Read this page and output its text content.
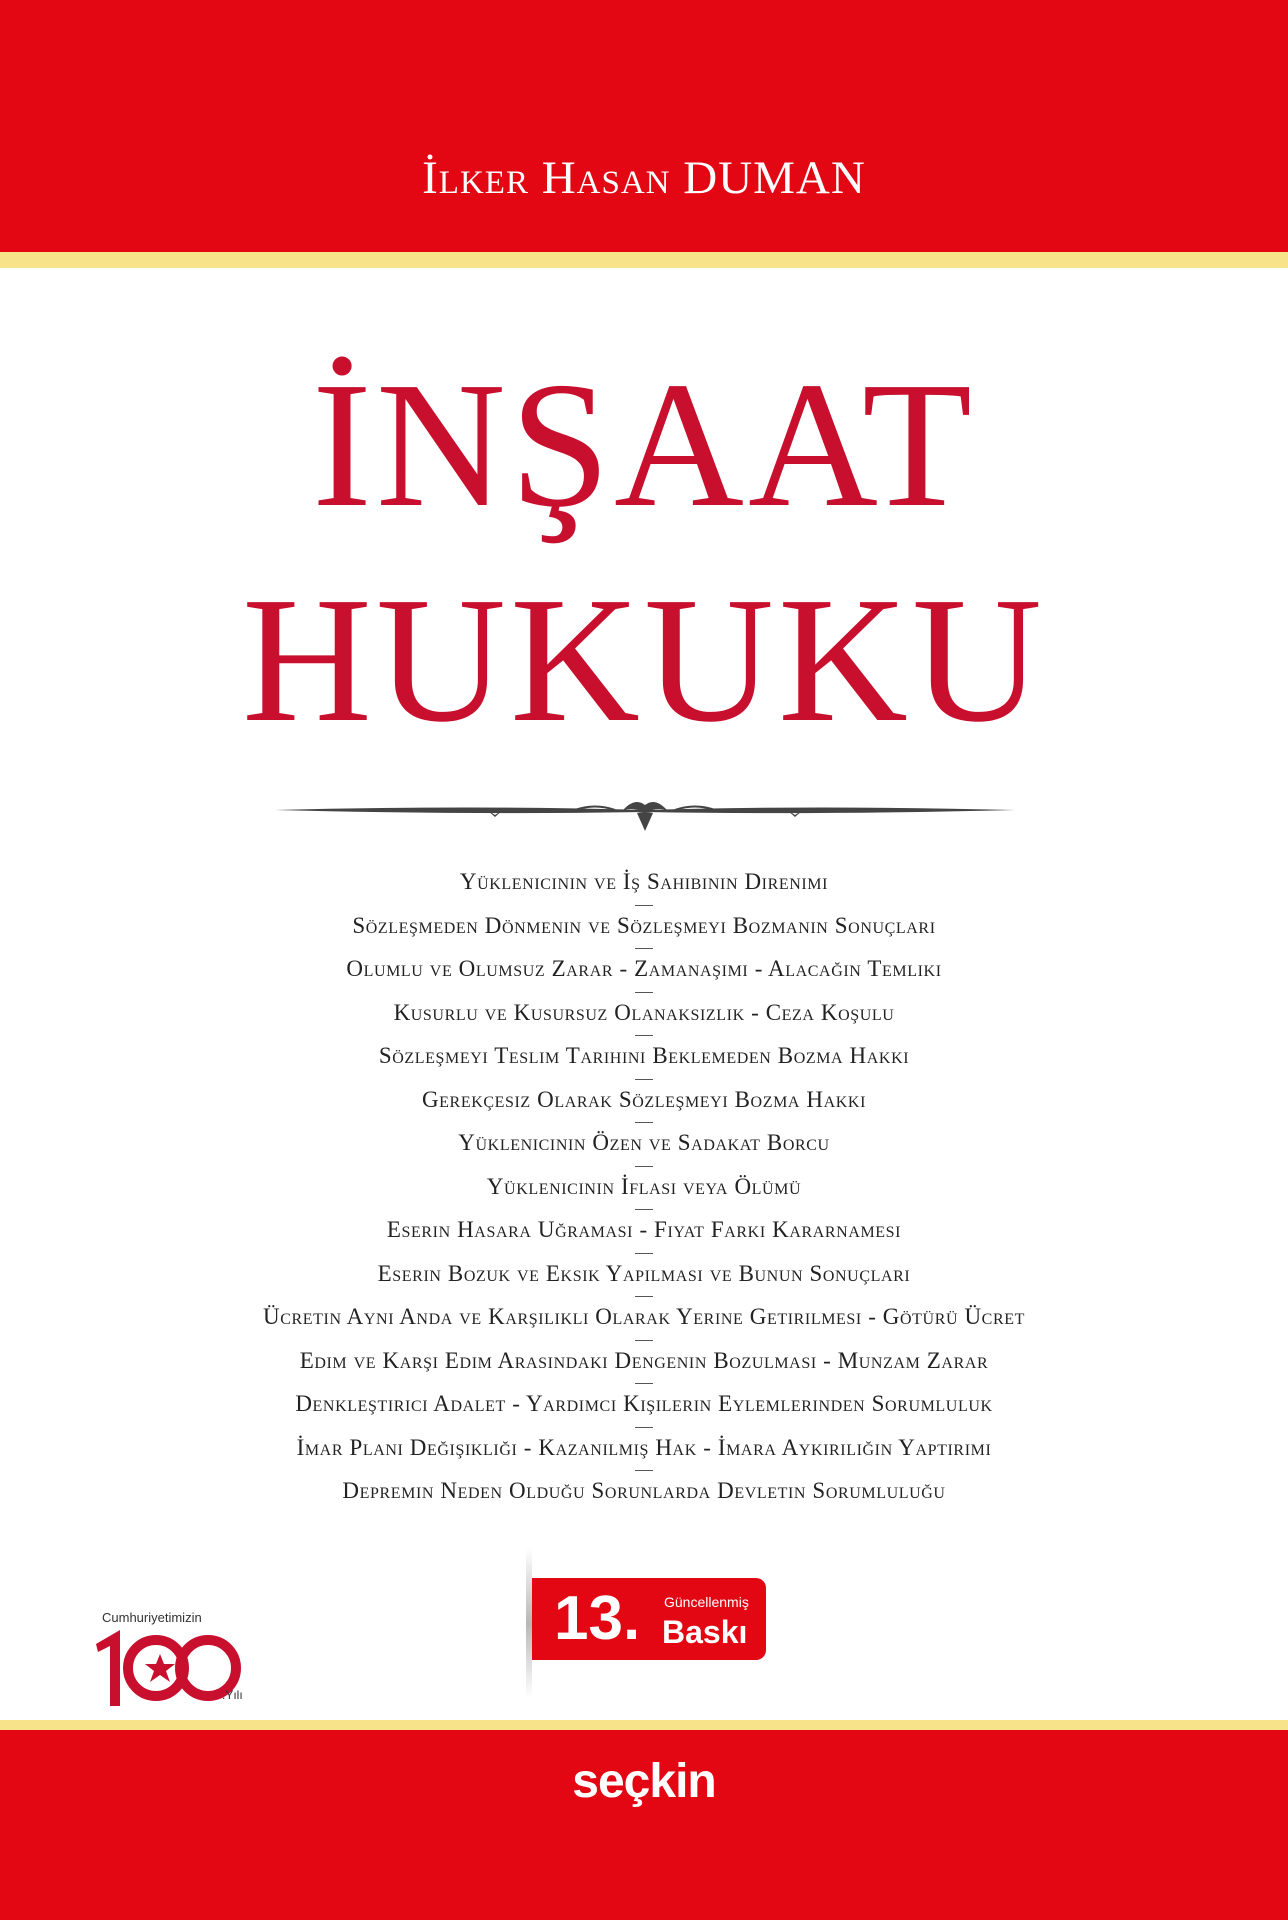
İlker Hasan DUMAN
İNŞAAT
HUKUKU
Yüklenicinin ve İş Sahibinin Direnimi
Sözleşmeden Dönmenin ve Sözleşmeyi Bozmanın Sonuçları
Olumlu ve Olumsuz Zarar - Zamanaşımı - Alacağın Temliki
Kusurlu ve Kusursuz Olanaksızlık - Ceza Koşulu
Sözleşmeyi Teslim Tarihini Beklemeden Bozma Hakkı
Gerekçesiz Olarak Sözleşmeyi Bozma Hakkı
Yüklenicinin Özen ve Sadakat Borcu
Yüklenicinin İflası veya Ölümü
Eserin Hasara Uğraması - Fiyat Farkı Kararnamesi
Eserin Bozuk ve Eksik Yapılması ve Bunun Sonuçları
Ücretin Aynı Anda ve Karşılıklı Olarak Yerine Getirilmesi - Götürü Ücret
Edim ve Karşı Edim Arasındaki Dengenin Bozulması - Munzam Zarar
Denkleştirici Adalet - Yardımcı Kişilerin Eylemlerinden Sorumluluk
İmar Planı Değişikliği - Kazanılmış Hak - İmara Aykırılığın Yaptırımı
Depremin Neden Olduğu Sorunlarda Devletin Sorumluluğu
Cumhuriyetimizin
.Yılı
13. Güncellenmiş
Baskı
seçkin
